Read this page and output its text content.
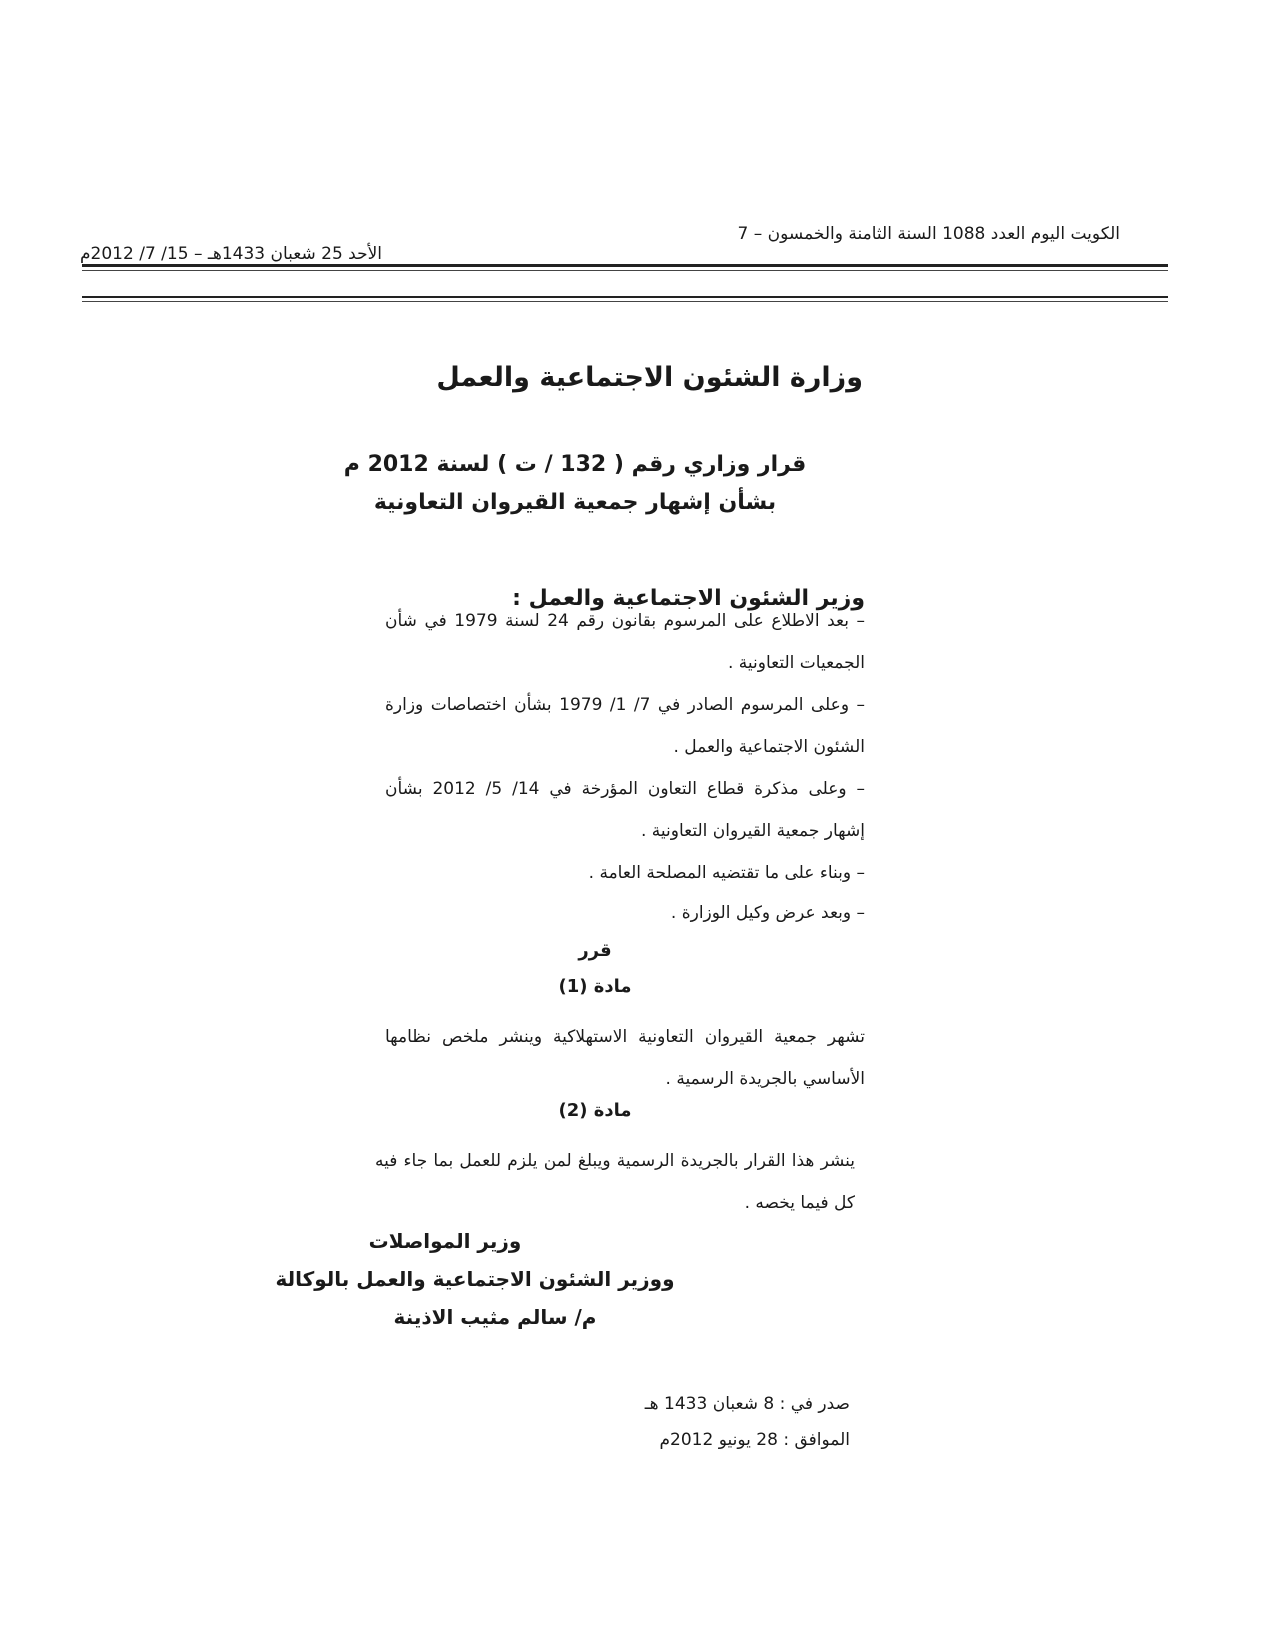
الكويت اليوم العدد 1088 السنة الثامنة والخمسون – 7
الأحد 25 شعبان 1433هـ – 15/ 7/ 2012م
وزارة الشئون الاجتماعية والعمل
قرار وزاري رقم ( 132 / ت ) لسنة 2012 م
بشأن إشهار جمعية القيروان التعاونية
وزير الشئون الاجتماعية والعمل :
– بعد الاطلاع على المرسوم بقانون رقم 24 لسنة 1979 في شأن الجمعيات التعاونية .
– وعلى المرسوم الصادر في 7/ 1/ 1979 بشأن اختصاصات وزارة الشئون الاجتماعية والعمل .
– وعلى مذكرة قطاع التعاون المؤرخة في 14/ 5/ 2012 بشأن إشهار جمعية القيروان التعاونية .
– وبناء على ما تقتضيه المصلحة العامة .
– وبعد عرض وكيل الوزارة .
قرر
مادة (1)
تشهر جمعية القيروان التعاونية الاستهلاكية وينشر ملخص نظامها الأساسي بالجريدة الرسمية .
مادة (2)
ينشر هذا القرار بالجريدة الرسمية ويبلغ لمن يلزم للعمل بما جاء فيه كل فيما يخصه .
وزير المواصلات
ووزير الشئون الاجتماعية والعمل بالوكالة
م/ سالم مثيب الاذينة
صدر في : 8 شعبان 1433 هـ
الموافق : 28 يونيو 2012م
